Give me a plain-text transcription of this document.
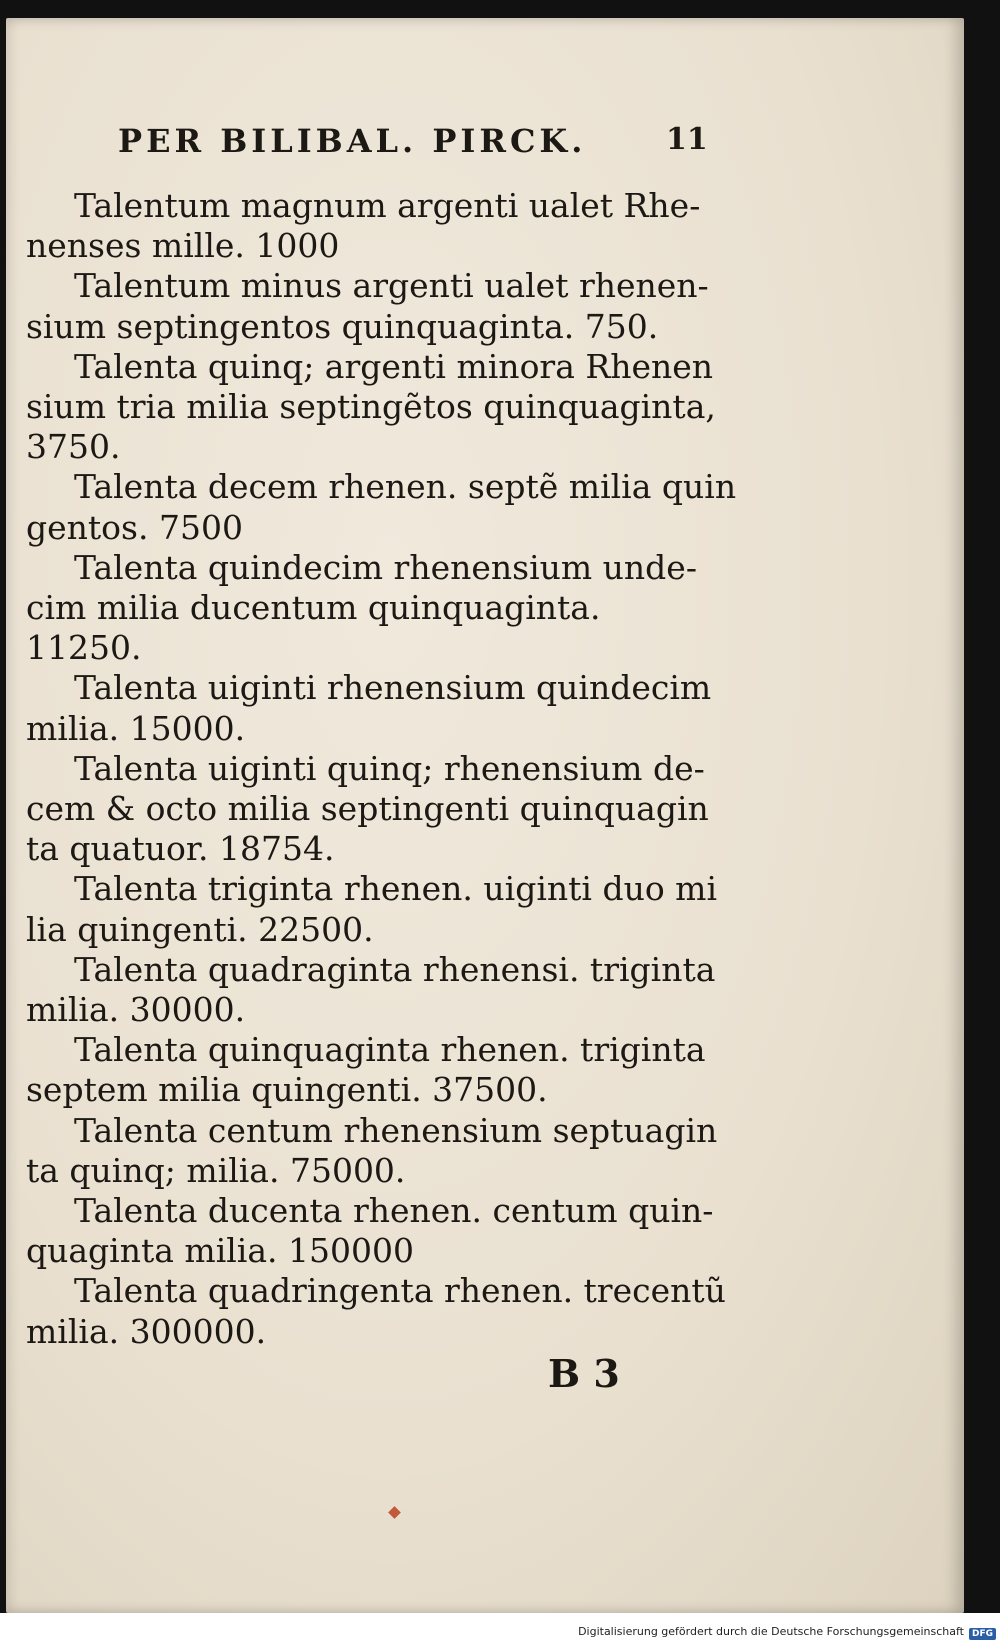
PER BILIBAL. PIRCK.	11

Talentum magnum argenti ualet Rhe-
nenses mille. 1000

Talentum minus argenti ualet rhenen-
sium septingentos quinquaginta. 750.

Talenta quinq; argenti minora Rhenen
sium tria milia septingẽtos quinquaginta,
3750.

Talenta decem rhenen. septẽ milia quin
gentos. 7500

Talenta quindecim rhenensium unde-
cim milia ducentum quinquaginta.
11250.

Talenta uiginti rhenensium quindecim
milia. 15000.

Talenta uiginti quinq; rhenensium de-
cem & octo milia septingenti quinquagin
ta quatuor. 18754.

Talenta triginta rhenen. uiginti duo mi
lia quingenti. 22500.

Talenta quadraginta rhenensi. triginta
milia. 30000.

Talenta quinquaginta rhenen. triginta
septem milia quingenti. 37500.

Talenta centum rhenensium septuagin
ta quinq; milia. 75000.

Talenta ducenta rhenen. centum quin-
quaginta milia. 150000

Talenta quadringenta rhenen. trecentũ
milia. 300000.

B 3
Digitalisierung gefördert durch die Deutsche Forschungsgemeinschaft DFG
